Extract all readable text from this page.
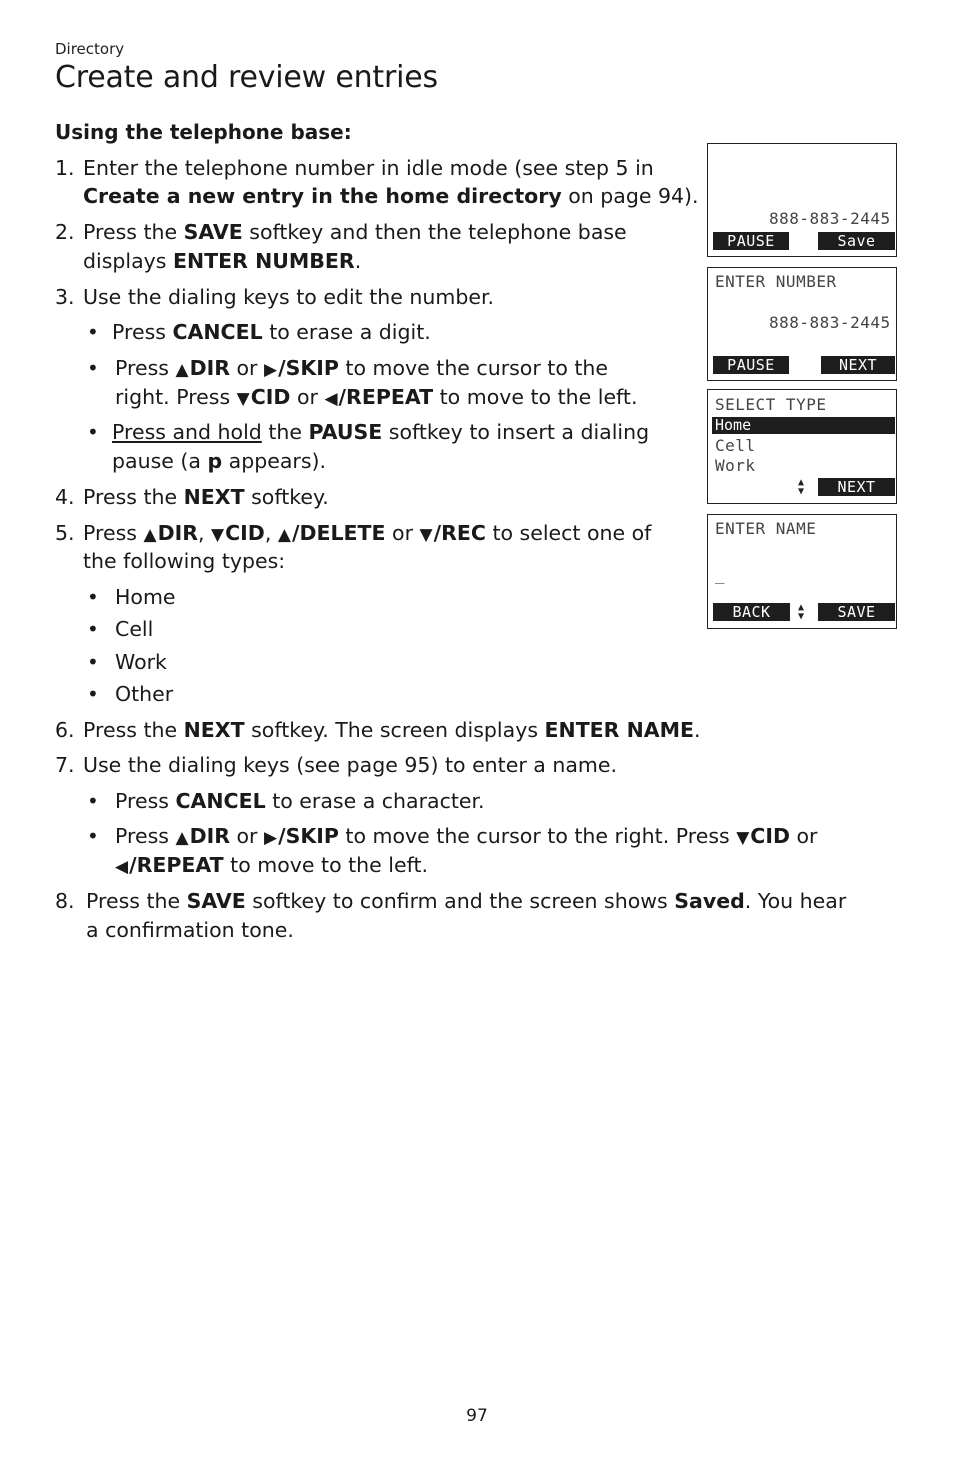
Directory
Create and review entries
Using the telephone base:
1. Enter the telephone number in idle mode (see step 5 in
Create a new entry in the home directory on page 94).
2. Press the SAVE softkey and then the telephone base
displays ENTER NUMBER.
3. Use the dialing keys to edit the number.
• Press CANCEL to erase a digit.
• Press ▲DIR or ▶/SKIP to move the cursor to the
right. Press ▼CID or ◀/REPEAT to move to the left.
• Press and hold the PAUSE softkey to insert a dialing
pause (a p appears).
4. Press the NEXT softkey.
5. Press ▲DIR, ▼CID, ▲/DELETE or ▼/REC to select one of
the following types:
• Home
• Cell
• Work
• Other
6. Press the NEXT softkey. The screen displays ENTER NAME.
7. Use the dialing keys (see page 95) to enter a name.
• Press CANCEL to erase a character.
• Press ▲DIR or ▶/SKIP to move the cursor to the right. Press ▼CID or
◀/REPEAT to move to the left.
8. Press the SAVE softkey to confirm and the screen shows Saved. You hear
a confirmation tone.
888-883-2445
PAUSE	Save
ENTER NUMBER
888-883-2445
PAUSE	NEXT
SELECT TYPE
Home
Cell
Work
▲
▼	NEXT
ENTER NAME
_
BACK	▲
▼	SAVE
97
